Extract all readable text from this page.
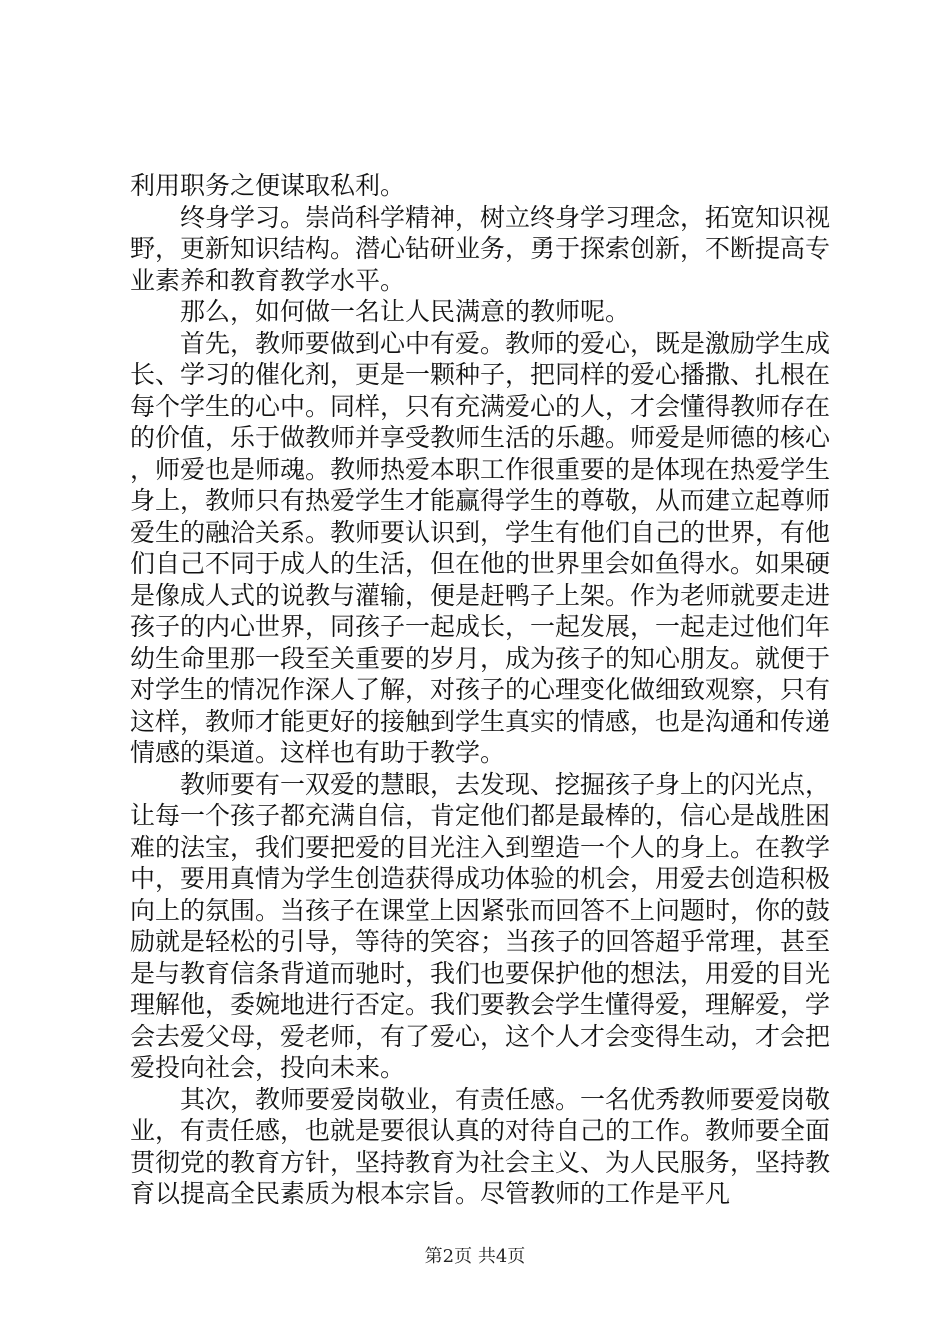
利用职务之便谋取私利。

终身学习。崇尚科学精神，树立终身学习理念，拓宽知识视野，更新知识结构。潜心钻研业务，勇于探索创新，不断提高专业素养和教育教学水平。

那么，如何做一名让人民满意的教师呢。

首先，教师要做到心中有爱。教师的爱心，既是激励学生成长、学习的催化剂，更是一颗种子，把同样的爱心播撒、扎根在每个学生的心中。同样，只有充满爱心的人，才会懂得教师存在的价值，乐于做教师并享受教师生活的乐趣。师爱是师德的核心，师爱也是师魂。教师热爱本职工作很重要的是体现在热爱学生身上，教师只有热爱学生才能赢得学生的尊敬，从而建立起尊师爱生的融洽关系。教师要认识到，学生有他们自己的世界，有他们自己不同于成人的生活，但在他的世界里会如鱼得水。如果硬是像成人式的说教与灌输，便是赶鸭子上架。作为老师就要走进孩子的内心世界，同孩子一起成长，一起发展，一起走过他们年幼生命里那一段至关重要的岁月，成为孩子的知心朋友。就便于对学生的情况作深人了解，对孩子的心理变化做细致观察，只有这样，教师才能更好的接触到学生真实的情感，也是沟通和传递情感的渠道。这样也有助于教学。

教师要有一双爱的慧眼，去发现、挖掘孩子身上的闪光点，让每一个孩子都充满自信，肯定他们都是最棒的，信心是战胜困难的法宝，我们要把爱的目光注入到塑造一个人的身上。在教学中，要用真情为学生创造获得成功体验的机会，用爱去创造积极向上的氛围。当孩子在课堂上因紧张而回答不上问题时，你的鼓励就是轻松的引导，等待的笑容；当孩子的回答超乎常理，甚至是与教育信条背道而驰时，我们也要保护他的想法，用爱的目光理解他，委婉地进行否定。我们要教会学生懂得爱，理解爱，学会去爱父母，爱老师，有了爱心，这个人才会变得生动，才会把爱投向社会，投向未来。

其次，教师要爱岗敬业，有责任感。一名优秀教师要爱岗敬业，有责任感，也就是要很认真的对待自己的工作。教师要全面贯彻党的教育方针，坚持教育为社会主义、为人民服务，坚持教育以提高全民素质为根本宗旨。尽管教师的工作是平凡

第2页 共4页
